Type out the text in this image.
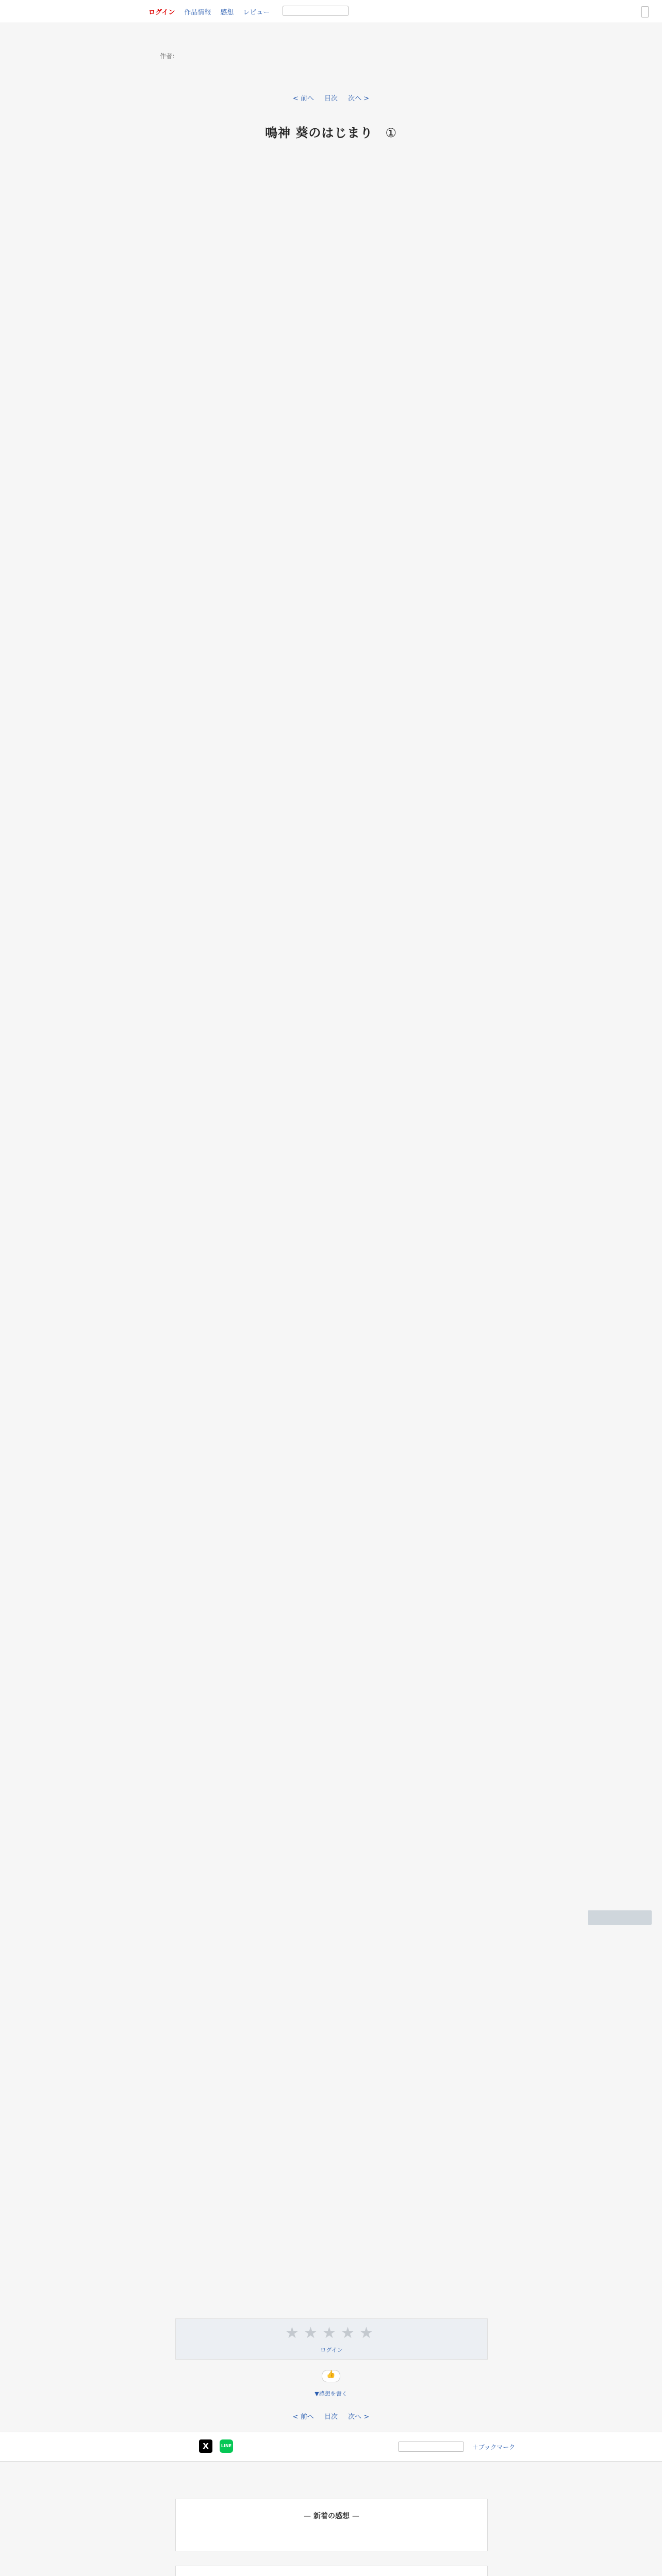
ログイン 作品情報 感想 レビュー
作者：
< 前へ 目次 次へ >
鳴神 葵のはじまり ①
★ ★ ★ ★ ★
ログイン
👍
▼感想を書く
< 前へ 目次 次へ >
X	LINE	＋ブックマーク
— 新着の感想 —
